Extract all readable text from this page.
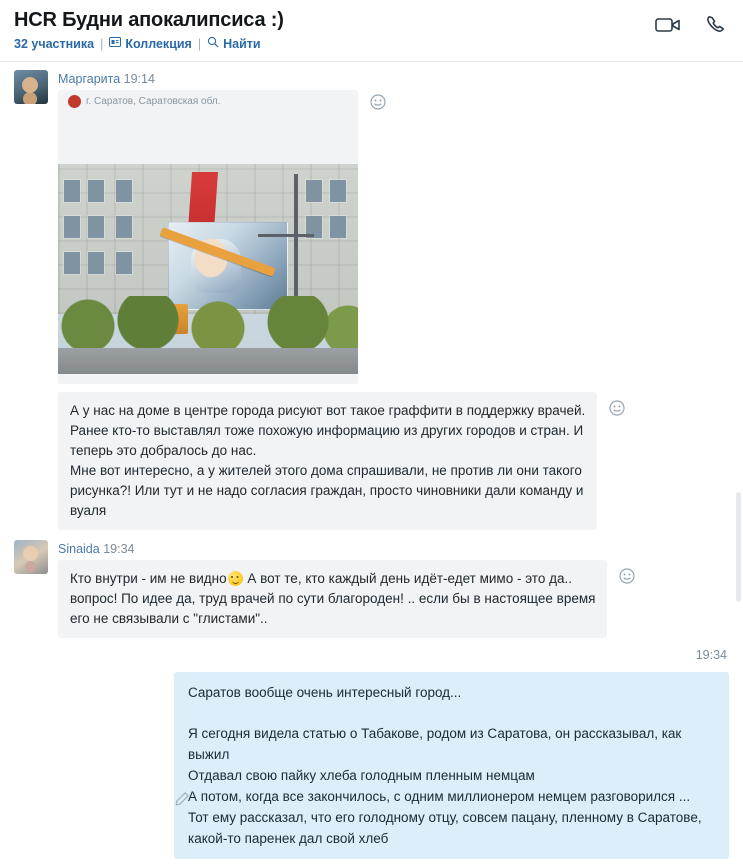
HCR Будни апокалипсиса :)
32 участника | Коллекция | Найти
Маргарита 19:14
г. Саратов, Саратовская обл.

А у нас на доме в центре города рисуют вот такое граффити в поддержку врачей.

Ранее кто-то выставлял тоже похожую информацию из других городов и стран. И

теперь это добралось до нас.

Мне вот интересно, а у жителей этого дома спрашивали, не против ли они такого

рисунка?! Или тут и не надо согласия граждан, просто чиновники дали команду и

вуаля

Sinaida 19:34

Кто внутри - им не видно А вот те, кто каждый день идёт-едет мимо - это да..

вопрос! По идее да, труд врачей по сути благороден! .. если бы в настоящее время

его не связывали с "глистами"..

19:34

Саратов вообще очень интересный город...

Я сегодня видела статью о Табакове, родом из Саратова, он рассказывал, как

выжил

Отдавал свою пайку хлеба голодным пленным немцам

А потом, когда все закончилось, с одним миллионером немцем разговорился ...

Тот ему рассказал, что его голодному отцу, совсем пацану, пленному в Саратове,

какой-то паренек дал свой хлеб
